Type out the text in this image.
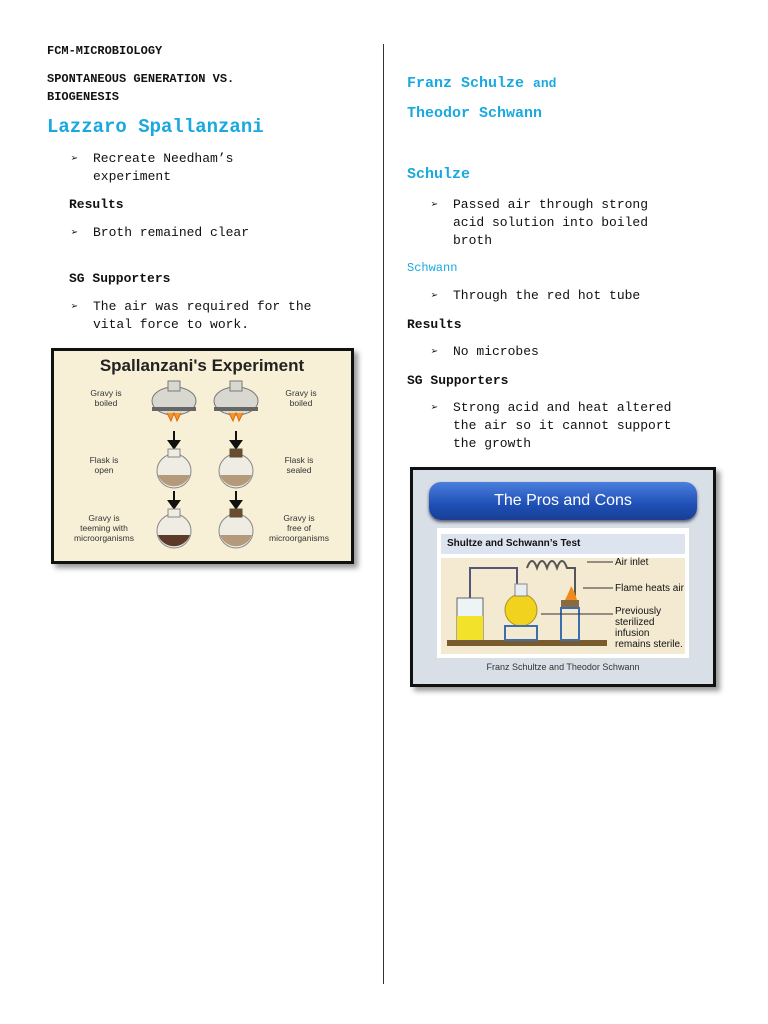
FCM-MICROBIOLOGY

SPONTANEOUS GENERATION VS.

BIOGENESIS

Lazzaro Spallanzani

➢	Recreate Needham’s
experiment

Results

➢	Broth remained clear

SG Supporters

➢	The air was required for the
vital force to work.
Spallanzani's Experiment
Gravy is
boiled
Flask is
open
Gravy is
teeming with
microorganisms
Gravy is
boiled
Flask is
sealed
Gravy is
free of
microorganisms

Franz Schulze and

Theodor Schwann

Schulze

➢	Passed air through strong
acid solution into boiled
broth

Schwann

➢	Through the red hot tube

Results

➢	No microbes

SG Supporters

➢	Strong acid and heat altered
the air so it cannot support
the growth
The Pros and Cons
Shultze and Schwann’s Test
Air inlet
Flame heats air
Previously
sterilized
infusion
remains sterile.
Franz Schultze and Theodor Schwann
